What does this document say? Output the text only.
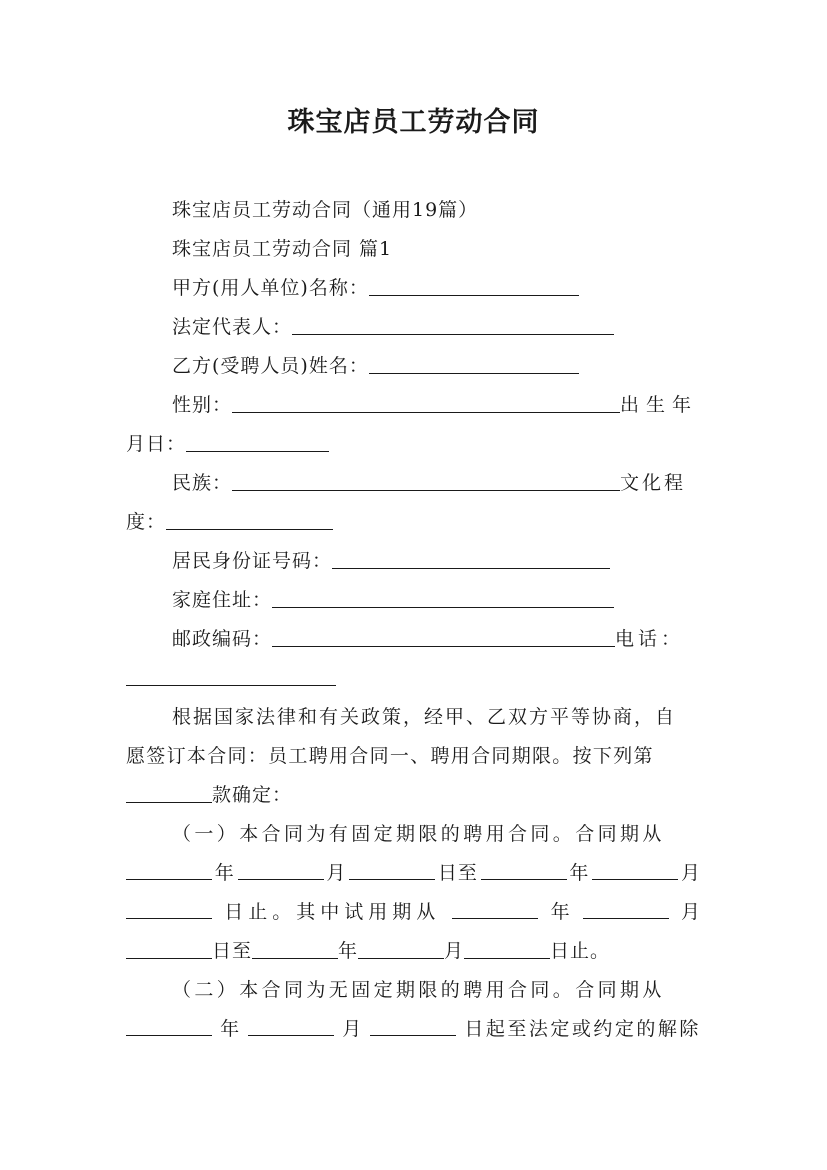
珠宝店员工劳动合同
珠宝店员工劳动合同（通用19篇）
珠宝店员工劳动合同 篇1
甲方(用人单位)名称：
法定代表人：
乙方(受聘人员)姓名：
性别：	出生年
月日：
民族：	文化程
度：
居民身份证号码：
家庭住址：
邮政编码：	电话：
根据国家法律和有关政策，经甲、乙双方平等协商，自
愿签订本合同：员工聘用合同一、聘用合同期限。按下列第
款确定：
（一）本合同为有固定期限的聘用合同。合同期从
年	月	日至	年	月
日止。其中试用期从	年	月
日至	年	月	日止。
（二）本合同为无固定期限的聘用合同。合同期从
年	月	日起至法定或约定的解除
